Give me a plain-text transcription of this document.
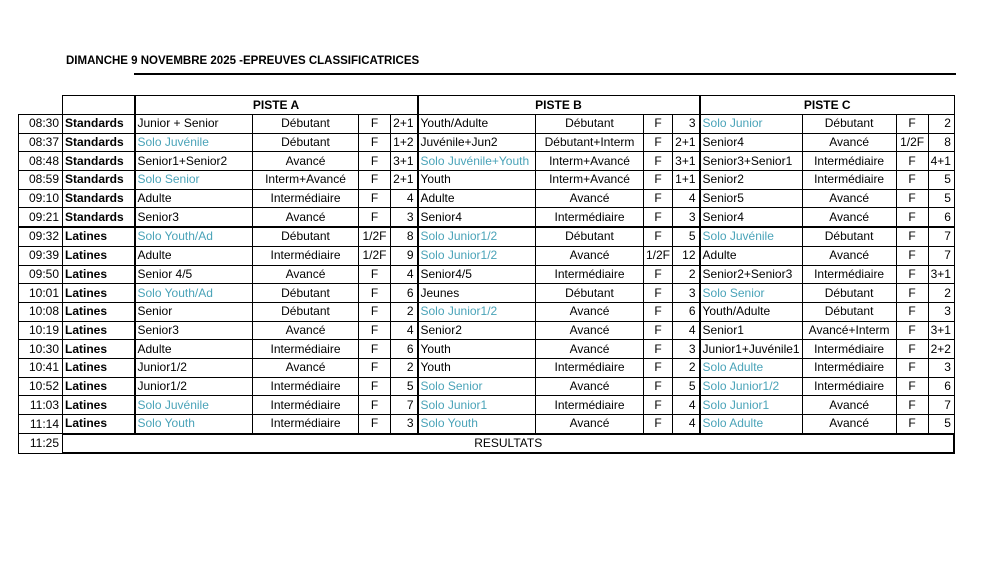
DIMANCHE 9 NOVEMBRE 2025 -EPREUVES CLASSIFICATRICES
		PISTE A				PISTE B				PISTE C			
08:30	Standards	Junior + Senior	Débutant	F	2+1	Youth/Adulte	Débutant	F	3	Solo Junior	Débutant	F	2
08:37	Standards	Solo Juvénile	Débutant	F	1+2	Juvénile+Jun2	Débutant+Interm	F	2+1	Senior4	Avancé	1/2F	8
08:48	Standards	Senior1+Senior2	Avancé	F	3+1	Solo Juvénile+Youth	Interm+Avancé	F	3+1	Senior3+Senior1	Intermédiaire	F	4+1
08:59	Standards	Solo Senior	Interm+Avancé	F	2+1	Youth	Interm+Avancé	F	1+1	Senior2	Intermédiaire	F	5
09:10	Standards	Adulte	Intermédiaire	F	4	Adulte	Avancé	F	4	Senior5	Avancé	F	5
09:21	Standards	Senior3	Avancé	F	3	Senior4	Intermédiaire	F	3	Senior4	Avancé	F	6
09:32	Latines	Solo Youth/Ad	Débutant	1/2F	8	Solo Junior1/2	Débutant	F	5	Solo Juvénile	Débutant	F	7
09:39	Latines	Adulte	Intermédiaire	1/2F	9	Solo Junior1/2	Avancé	1/2F	12	Adulte	Avancé	F	7
09:50	Latines	Senior 4/5	Avancé	F	4	Senior4/5	Intermédiaire	F	2	Senior2+Senior3	Intermédiaire	F	3+1
10:01	Latines	Solo Youth/Ad	Débutant	F	6	Jeunes	Débutant	F	3	Solo Senior	Débutant	F	2
10:08	Latines	Senior	Débutant	F	2	Solo Junior1/2	Avancé	F	6	Youth/Adulte	Débutant	F	3
10:19	Latines	Senior3	Avancé	F	4	Senior2	Avancé	F	4	Senior1	Avancé+Interm	F	3+1
10:30	Latines	Adulte	Intermédiaire	F	6	Youth	Avancé	F	3	Junior1+Juvénile1	Intermédiaire	F	2+2
10:41	Latines	Junior1/2	Avancé	F	2	Youth	Intermédiaire	F	2	Solo Adulte	Intermédiaire	F	3
10:52	Latines	Junior1/2	Intermédiaire	F	5	Solo Senior	Avancé	F	5	Solo Junior1/2	Intermédiaire	F	6
11:03	Latines	Solo Juvénile	Intermédiaire	F	7	Solo Junior1	Intermédiaire	F	4	Solo Junior1	Avancé	F	7
11:14	Latines	Solo Youth	Intermédiaire	F	3	Solo Youth	Avancé	F	4	Solo Adulte	Avancé	F	5
11:25	RESULTATS												
